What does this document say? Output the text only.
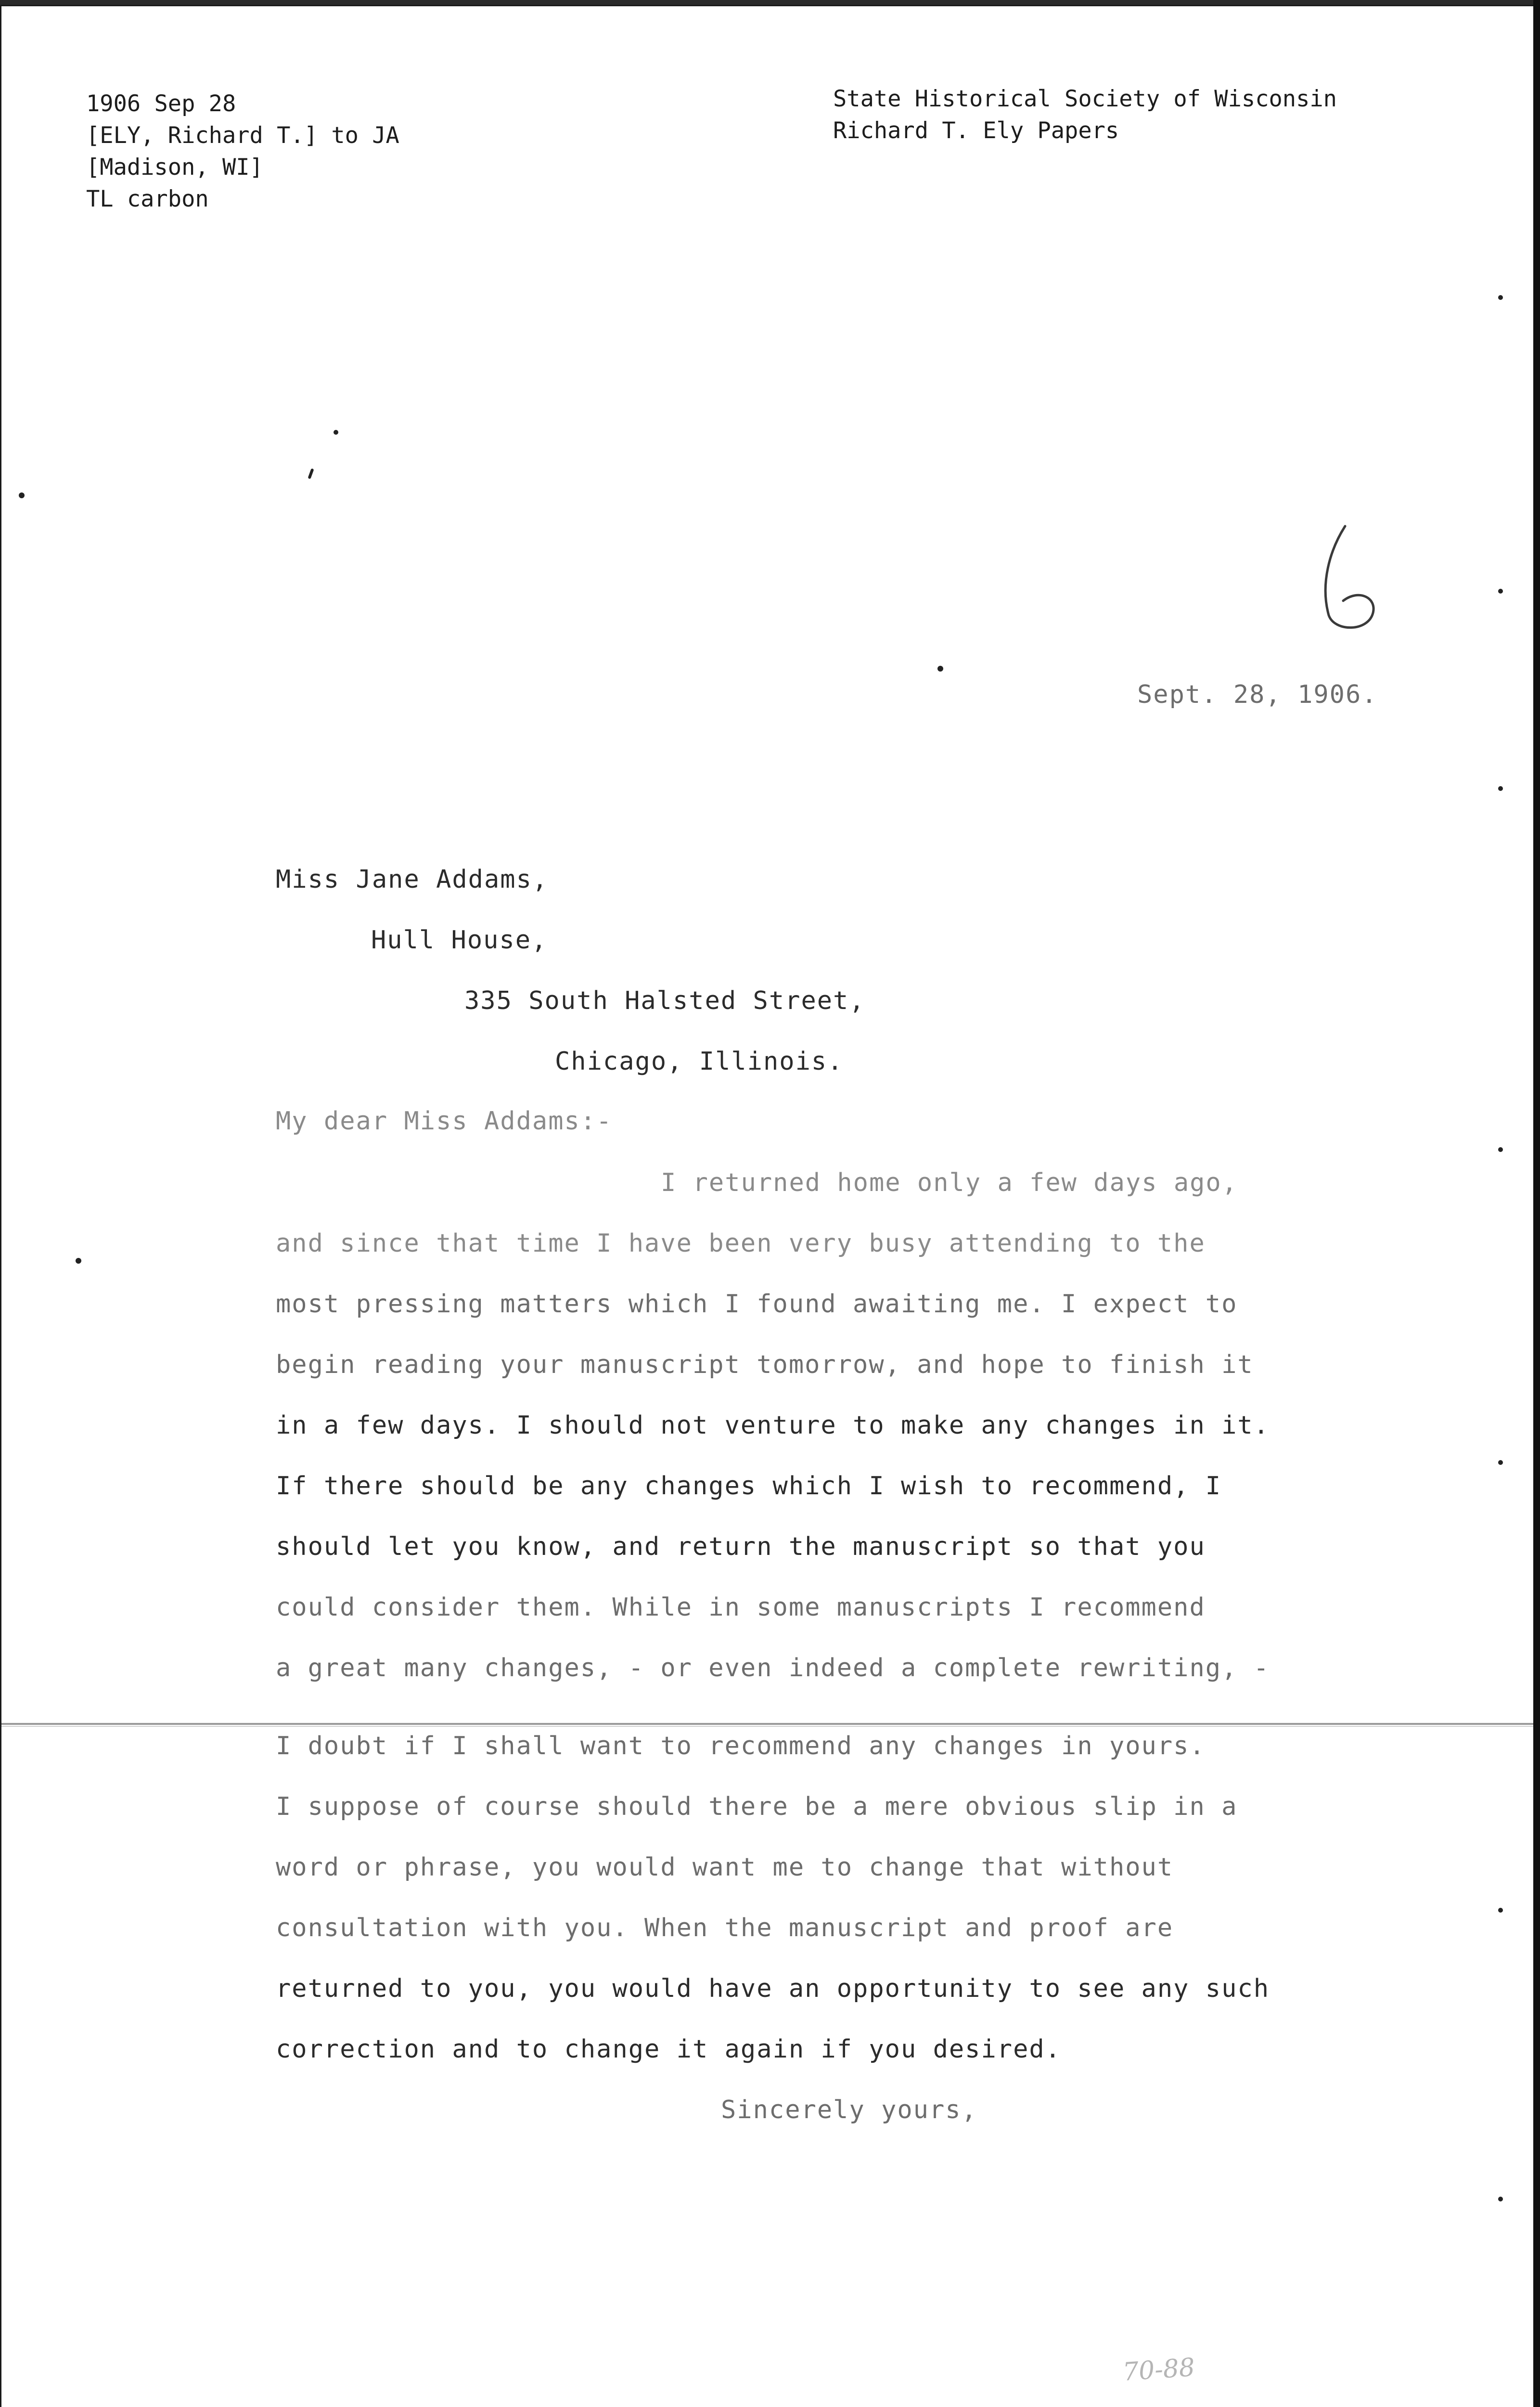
1906 Sep 28
[ELY, Richard T.] to JA
[Madison, WI]
TL carbon
State Historical Society of Wisconsin
Richard T. Ely Papers
Sept. 28, 1906.
Miss Jane Addams,
Hull House,
335 South Halsted Street,
Chicago, Illinois.
My dear Miss Addams:-
I returned home only a few days ago,
and since that time I have been very busy attending to the
most pressing matters which I found awaiting me. I expect to
begin reading your manuscript tomorrow, and hope to finish it
in a few days. I should not venture to make any changes in it.
If there should be any changes which I wish to recommend, I
should let you know, and return the manuscript so that you
could consider them. While in some manuscripts I recommend
a great many changes, - or even indeed a complete rewriting, -
I doubt if I shall want to recommend any changes in yours.
I suppose of course should there be a mere obvious slip in a
word or phrase, you would want me to change that without
consultation with you. When the manuscript and proof are
returned to you, you would have an opportunity to see any such
correction and to change it again if you desired.
Sincerely yours,
70-88
